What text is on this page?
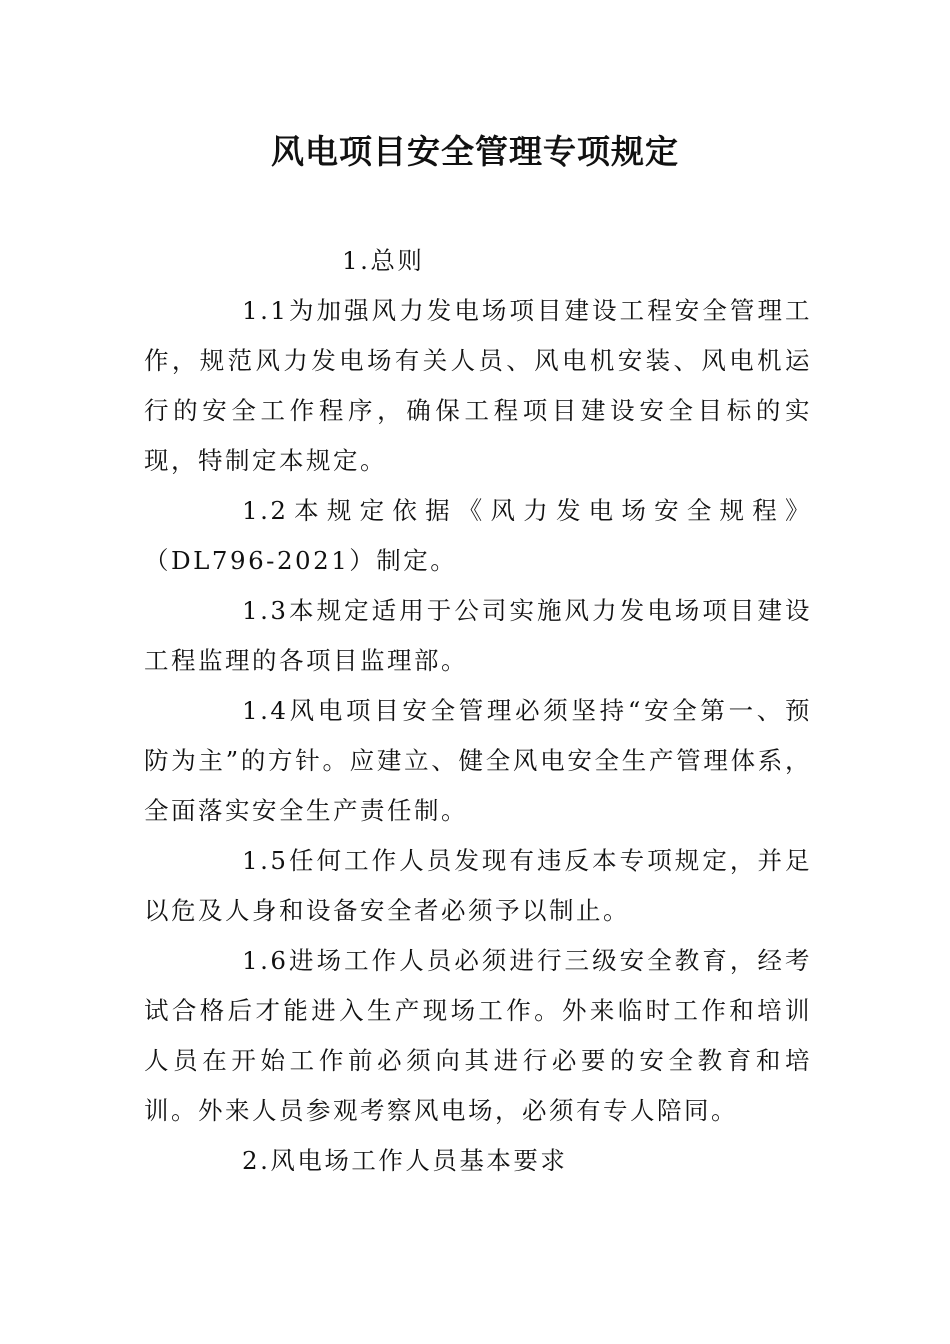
风电项目安全管理专项规定

1.总则

1.1为加强风力发电场项目建设工程安全管理工作，规范风力发电场有关人员、风电机安装、风电机运行的安全工作程序，确保工程项目建设安全目标的实现，特制定本规定。

1.2本规定依据《风力发电场安全规程》（DL796-2021）制定。

1.3本规定适用于公司实施风力发电场项目建设工程监理的各项目监理部。

1.4风电项目安全管理必须坚持“安全第一、预防为主”的方针。应建立、健全风电安全生产管理体系，全面落实安全生产责任制。

1.5任何工作人员发现有违反本专项规定，并足以危及人身和设备安全者必须予以制止。

1.6进场工作人员必须进行三级安全教育，经考试合格后才能进入生产现场工作。外来临时工作和培训人员在开始工作前必须向其进行必要的安全教育和培训。外来人员参观考察风电场，必须有专人陪同。

2.风电场工作人员基本要求
